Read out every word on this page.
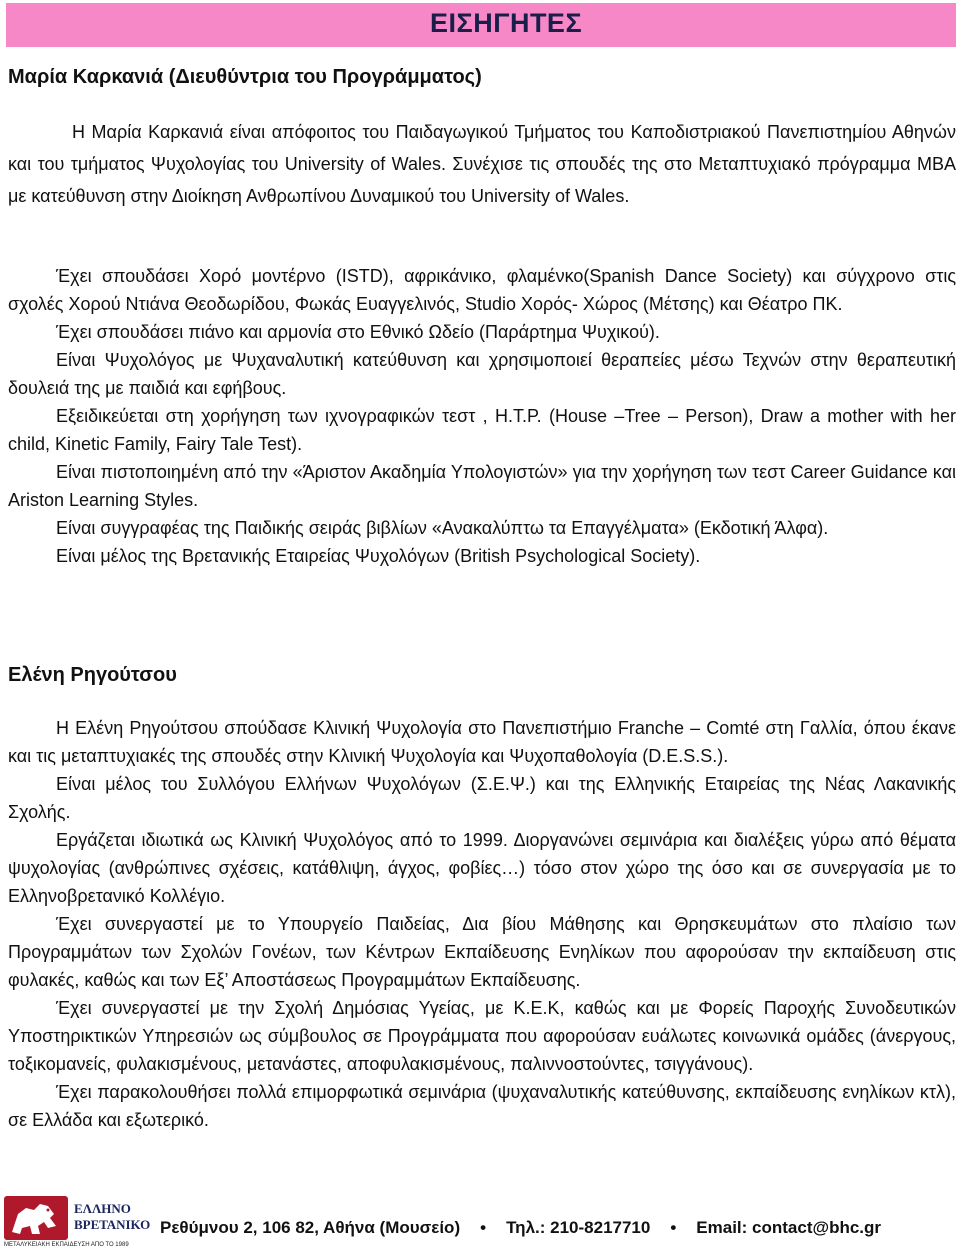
ΕΙΣΗΓΗΤΕΣ
Μαρία Καρκανιά (Διευθύντρια του Προγράμματος)

Η Μαρία Καρκανιά είναι απόφοιτος του Παιδαγωγικού Τμήματος του Καποδιστριακού Πανεπιστημίου Αθηνών και του τμήματος Ψυχολογίας του University of Wales. Συνέχισε τις σπουδές της στο Μεταπτυχιακό πρόγραμμα MBA με κατεύθυνση στην Διοίκηση Ανθρωπίνου Δυναμικού του University of Wales.

Έχει σπουδάσει Χορό μοντέρνο (ISTD), αφρικάνικο, φλαμένκο(Spanish Dance Society) και σύγχρονο στις σχολές Χορού Ντιάνα Θεοδωρίδου, Φωκάς Ευαγγελινός, Studio Χορός- Χώρος (Μέτσης) και Θέατρο ΠΚ.

Έχει σπουδάσει πιάνο και αρμονία στο Εθνικό Ωδείο (Παράρτημα Ψυχικού).

Είναι Ψυχολόγος με Ψυχαναλυτική κατεύθυνση και χρησιμοποιεί θεραπείες μέσω Τεχνών στην θεραπευτική δουλειά της με παιδιά και εφήβους.

Εξειδικεύεται στη χορήγηση των ιχνογραφικών τεστ , H.T.P. (House –Tree – Person), Draw a mother with her child, Kinetic Family, Fairy Tale Test).

Είναι πιστοποιημένη από την «Άριστον Ακαδημία Υπολογιστών» για την χορήγηση των τεστ Career Guidance και Ariston Learning Styles.

Είναι συγγραφέας της Παιδικής σειράς βιβλίων «Ανακαλύπτω τα Επαγγέλματα» (Εκδοτική Άλφα).

Είναι μέλος της Βρετανικής Εταιρείας Ψυχολόγων (British Psychological Society).

Ελένη Ρηγούτσου

Η Ελένη Ρηγούτσου σπούδασε Κλινική Ψυχολογία στο Πανεπιστήμιο Franche – Comté στη Γαλλία, όπου έκανε και τις μεταπτυχιακές της σπουδές στην Κλινική Ψυχολογία και Ψυχοπαθολογία (D.E.S.S.).

Είναι μέλος του Συλλόγου Ελλήνων Ψυχολόγων (Σ.Ε.Ψ.) και της Ελληνικής Εταιρείας της Νέας Λακανικής Σχολής.

Εργάζεται ιδιωτικά ως Κλινική Ψυχολόγος από το 1999. Διοργανώνει σεμινάρια και διαλέξεις γύρω από θέματα ψυχολογίας (ανθρώπινες σχέσεις, κατάθλιψη, άγχος, φοβίες…) τόσο στον χώρο της όσο και σε συνεργασία με το Ελληνοβρετανικό Κολλέγιο.

Έχει συνεργαστεί με το Υπουργείο Παιδείας, Δια βίου Μάθησης και Θρησκευμάτων στο πλαίσιο των Προγραμμάτων των Σχολών Γονέων, των Κέντρων Εκπαίδευσης Ενηλίκων που αφορούσαν την εκπαίδευση στις φυλακές, καθώς και των Εξ’ Αποστάσεως Προγραμμάτων Εκπαίδευσης.

Έχει συνεργαστεί με την Σχολή Δημόσιας Υγείας, με Κ.Ε.Κ, καθώς και με Φορείς Παροχής Συνοδευτικών Υποστηρικτικών Υπηρεσιών ως σύμβουλος σε Προγράμματα που αφορούσαν ευάλωτες κοινωνικά ομάδες (άνεργους, τοξικομανείς, φυλακισμένους, μετανάστες, αποφυλακισμένους, παλιννοστούντες, τσιγγάνους).

Έχει παρακολουθήσει πολλά επιμορφωτικά σεμινάρια (ψυχαναλυτικής κατεύθυνσης, εκπαίδευσης ενηλίκων κτλ), σε Ελλάδα και εξωτερικό.

ΕΛΛΗΝΟ
ΒΡΕΤΑΝΙΚΟ
ΜΕΤΑΛΥΚΕΙΑΚΗ ΕΚΠΑΙΔΕΥΣΗ ΑΠΟ ΤΟ 1989
Ρεθύμνου 2, 106 82, Αθήνα (Μουσείο) • Τηλ.: 210-8217710 • Email: contact@bhc.gr
